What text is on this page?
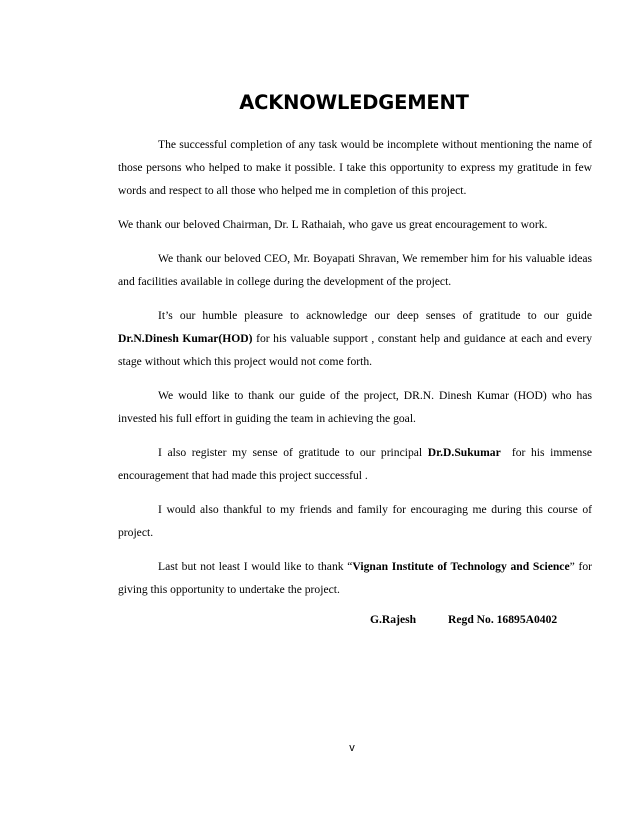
ACKNOWLEDGEMENT

The successful completion of any task would be incomplete without mentioning the name of those persons who helped to make it possible. I take this opportunity to express my gratitude in few words and respect to all those who helped me in completion of this project.

We thank our beloved Chairman, Dr. L Rathaiah, who gave us great encouragement to work.

We thank our beloved CEO, Mr. Boyapati Shravan, We remember him for his valuable ideas and facilities available in college during the development of the project.

It’s our humble pleasure to acknowledge our deep senses of gratitude to our guide Dr.N.Dinesh Kumar(HOD) for his valuable support , constant help and guidance at each and every stage without which this project would not come forth.

We would like to thank our guide of the project, DR.N. Dinesh Kumar (HOD) who has invested his full effort in guiding the team in achieving the goal.

I also register my sense of gratitude to our principal Dr.D.Sukumar  for his immense encouragement that had made this project successful .

I would also thankful to my friends and family for encouraging me during this course of project.

Last but not least I would like to thank “Vignan Institute of Technology and Science” for giving this opportunity to undertake the project.

G.Rajesh	Regd No. 16895A0402
v
